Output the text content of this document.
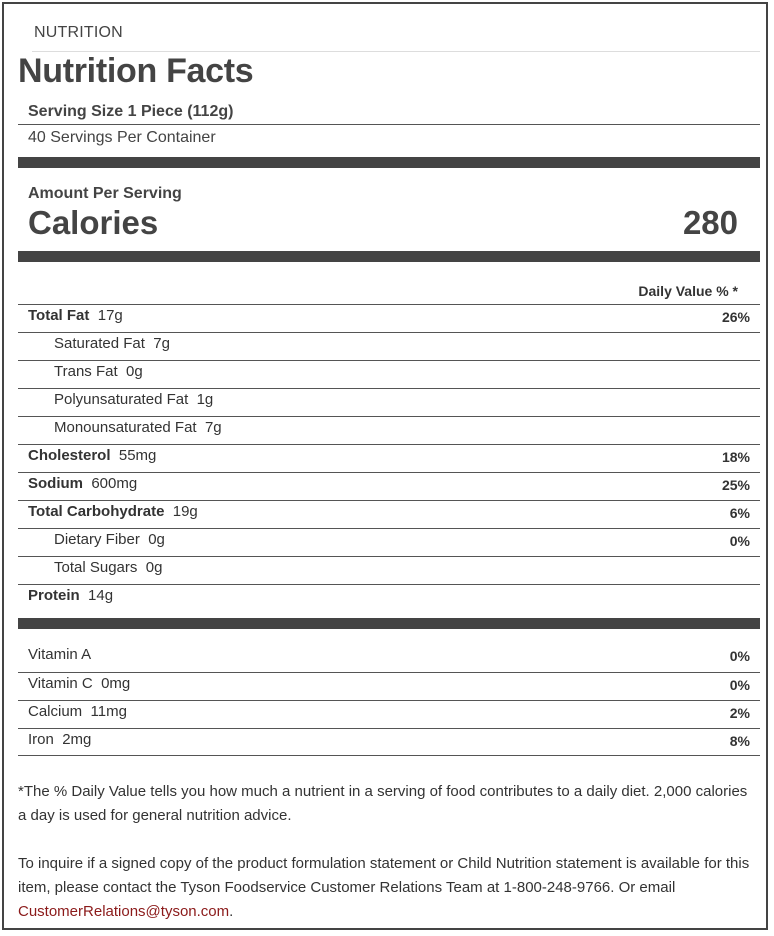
NUTRITION
Nutrition Facts
Serving Size 1 Piece (112g)
40 Servings Per Container
Amount Per Serving
Calories	280
Daily Value % *
Total Fat 17g	26%
Saturated Fat 7g
Trans Fat 0g
Polyunsaturated Fat 1g
Monounsaturated Fat 7g
Cholesterol 55mg	18%
Sodium 600mg	25%
Total Carbohydrate 19g	6%
Dietary Fiber 0g	0%
Total Sugars 0g
Protein 14g
Vitamin A	0%
Vitamin C 0mg	0%
Calcium 11mg	2%
Iron 2mg	8%
*The % Daily Value tells you how much a nutrient in a serving of food contributes to a daily diet. 2,000 calories a day is used for general nutrition advice.
To inquire if a signed copy of the product formulation statement or Child Nutrition statement is available for this item, please contact the Tyson Foodservice Customer Relations Team at 1-800-248-9766. Or email CustomerRelations@tyson.com.
